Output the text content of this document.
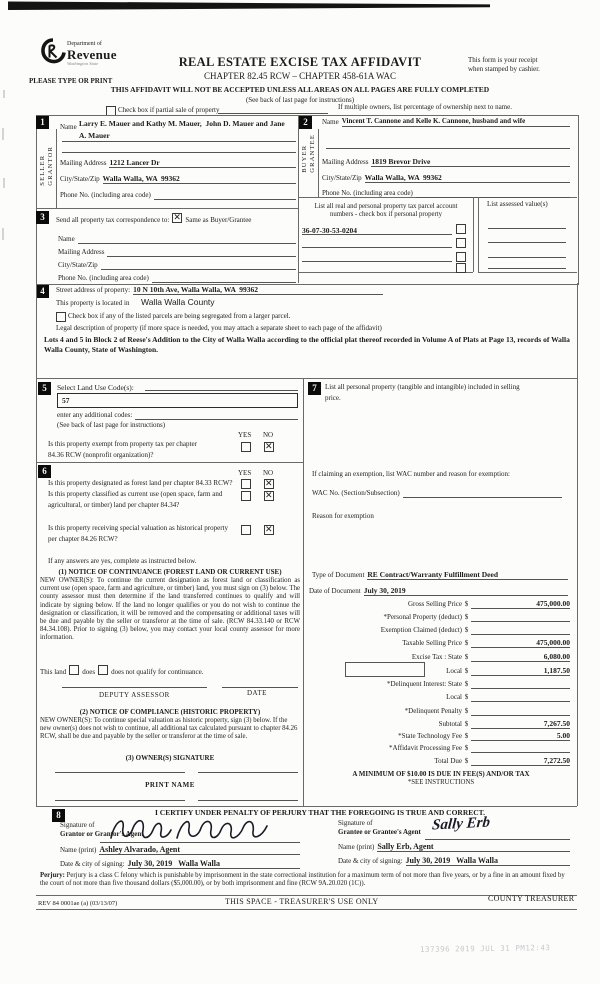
Department of
Revenue
Washington State
PLEASE TYPE OR PRINT
REAL ESTATE EXCISE TAX AFFIDAVIT
CHAPTER 82.45 RCW – CHAPTER 458-61A WAC
THIS AFFIDAVIT WILL NOT BE ACCEPTED UNLESS ALL AREAS ON ALL PAGES ARE FULLY COMPLETED
(See back of last page for instructions)
This form is your receipt
when stamped by cashier.
Check box if partial sale of property	If multiple owners, list percentage of ownership next to name.
1
SELLER GRANTOR
Name Larry E. Mauer and Kathy M. Mauer,  John D. Mauer and Jane
A. Mauer
Mailing Address 1212 Lancer Dr
City/State/Zip Walla Walla, WA  99362
Phone No. (including area code)
2
BUYER GRANTEE
Name Vincent T. Cannone and Kelle K. Cannone, husband and wife
Mailing Address 1819 Brevor Drive
City/State/Zip Walla Walla, WA  99362
Phone No. (including area code)
3	Send all property tax correspondence to: ✕ Same as Buyer/Grantee
Name
Mailing Address
City/State/Zip
Phone No. (including area code)
List all real and personal property tax parcel account
numbers - check box if personal property
36-07-30-53-0204
List assessed value(s)
4	Street address of property: 10 N 10th Ave, Walla Walla, WA  99362
This property is located in Walla Walla County
Check box if any of the listed parcels are being segregated from a larger parcel.
Legal description of property (if more space is needed, you may attach a separate sheet to each page of the affidavit)
Lots 4 and 5 in Block 2 of Reese's Addition to the City of Walla Walla according to the official plat thereof recorded in Volume A of Plats at Page 13, records of Walla Walla County, State of Washington.
5	Select Land Use Code(s):
57
enter any additional codes:
(See back of last page for instructions)
YES NO
Is this property exempt from property tax per chapter
84.36 RCW (nonprofit organization)?
✕
6	YES NO
Is this property designated as forest land per chapter 84.33 RCW?
✕
Is this property classified as current use (open space, farm and
agricultural, or timber) land per chapter 84.34?
✕
Is this property receiving special valuation as historical property
per chapter 84.26 RCW?
✕
If any answers are yes, complete as instructed below.
(1) NOTICE OF CONTINUANCE (FOREST LAND OR CURRENT USE)
NEW OWNER(S): To continue the current designation as forest land or classification as current use (open space, farm and agriculture, or timber) land, you must sign on (3) below. The county assessor must then determine if the land transferred continues to qualify and will indicate by signing below. If the land no longer qualifies or you do not wish to continue the designation or classification, it will be removed and the compensating or additional taxes will be due and payable by the seller or transferor at the time of sale. (RCW 84.33.140 or RCW 84.34.108). Prior to signing (3) below, you may contact your local county assessor for more information.
This land does does not qualify for continuance.
DEPUTY ASSESSOR	DATE
(2) NOTICE OF COMPLIANCE (HISTORIC PROPERTY)
NEW OWNER(S): To continue special valuation as historic property, sign (3) below. If the new owner(s) does not wish to continue, all additional tax calculated pursuant to chapter 84.26 RCW, shall be due and payable by the seller or transferor at the time of sale.
(3) OWNER(S) SIGNATURE
PRINT NAME
7	List all personal property (tangible and intangible) included in selling
price.
If claiming an exemption, list WAC number and reason for exemption:
WAC No. (Section/Subsection)
Reason for exemption
Type of Document RE Contract/Warranty Fulfillment Deed
Date of Document July 30, 2019
Gross Selling Price $	475,000.00
*Personal Property (deduct) $
Exemption Claimed (deduct) $
Taxable Selling Price $	475,000.00
Excise Tax : State $	6,080.00
Local $	1,187.50
*Delinquent Interest: State $
Local $
*Delinquent Penalty $
Subtotal $	7,267.50
*State Technology Fee $	5.00
*Affidavit Processing Fee $
Total Due $	7,272.50
A MINIMUM OF $10.00 IS DUE IN FEE(S) AND/OR TAX
*SEE INSTRUCTIONS
8	I CERTIFY UNDER PENALTY OF PERJURY THAT THE FOREGOING IS TRUE AND CORRECT.
Signature of
Grantor or Grantor's Agent
Name (print) Ashley Alvarado, Agent
Date & city of signing: July 30, 2019   Walla Walla
Signature of
Grantee or Grantee's Agent Sally Erb
Name (print) Sally Erb, Agent
Date & city of signing: July 30, 2019   Walla Walla
Perjury: Perjury is a class C felony which is punishable by imprisonment in the state correctional institution for a maximum term of not more than five years, or by a fine in an amount fixed by the court of not more than five thousand dollars ($5,000.00), or by both imprisonment and fine (RCW 9A.20.020 (1C)).
REV 84 0001ae (a) (03/13/07)	THIS SPACE - TREASURER'S USE ONLY	COUNTY TREASURER
137396 2019 JUL 31 PM12:43
